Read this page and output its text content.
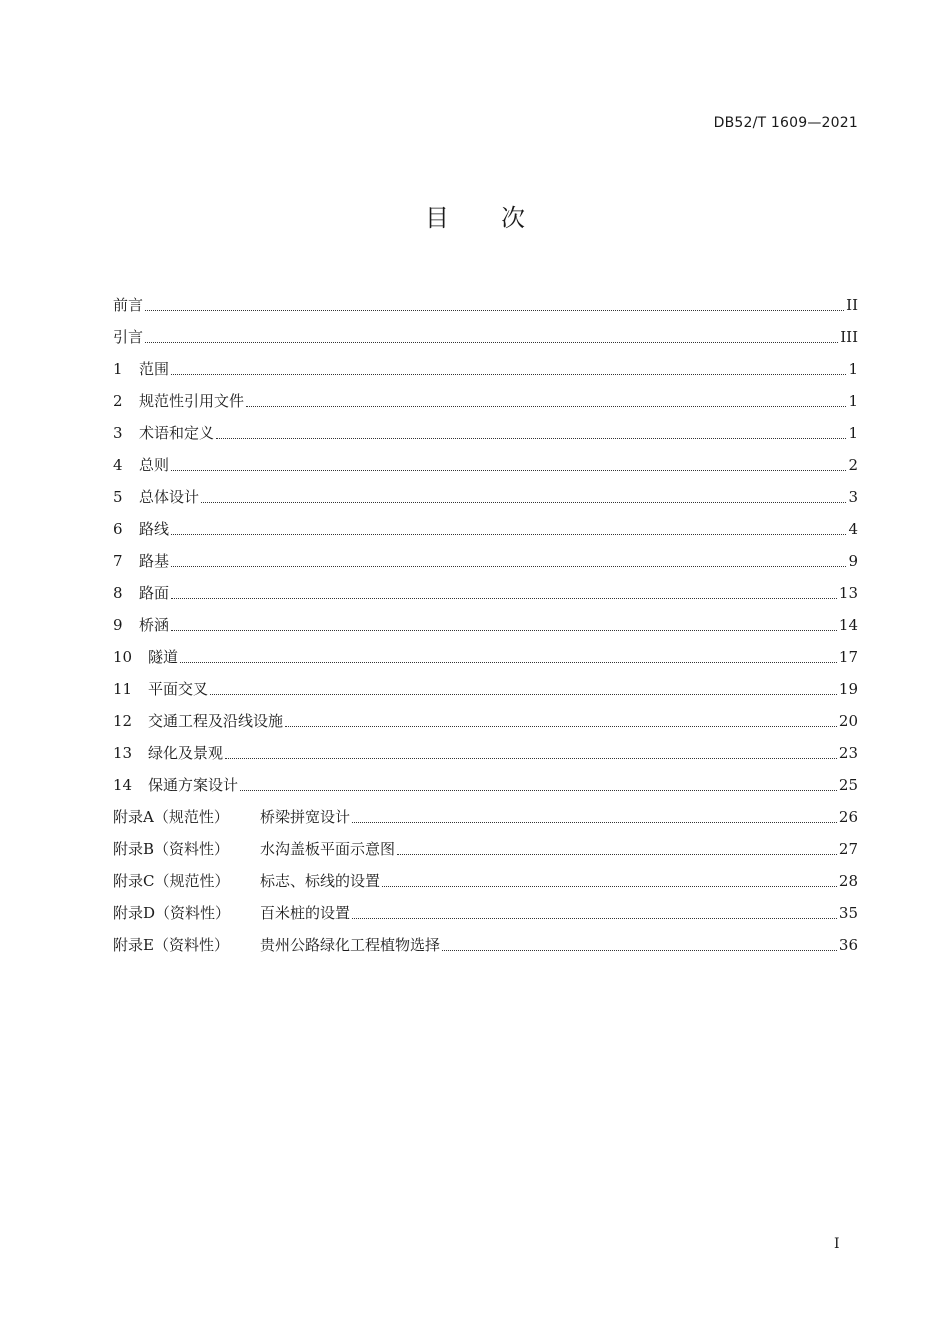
DB52/T 1609—2021
目次
前言	II
引言	III
1	范围	1
2	规范性引用文件	1
3	术语和定义	1
4	总则	2
5	总体设计	3
6	路线	4
7	路基	9
8	路面	13
9	桥涵	14
10	隧道	17
11	平面交叉	19
12	交通工程及沿线设施	20
13	绿化及景观	23
14	保通方案设计	25
附录A（规范性）	桥梁拼宽设计	26
附录B（资料性）	水沟盖板平面示意图	27
附录C（规范性）	标志、标线的设置	28
附录D（资料性）	百米桩的设置	35
附录E（资料性）	贵州公路绿化工程植物选择	36
I
